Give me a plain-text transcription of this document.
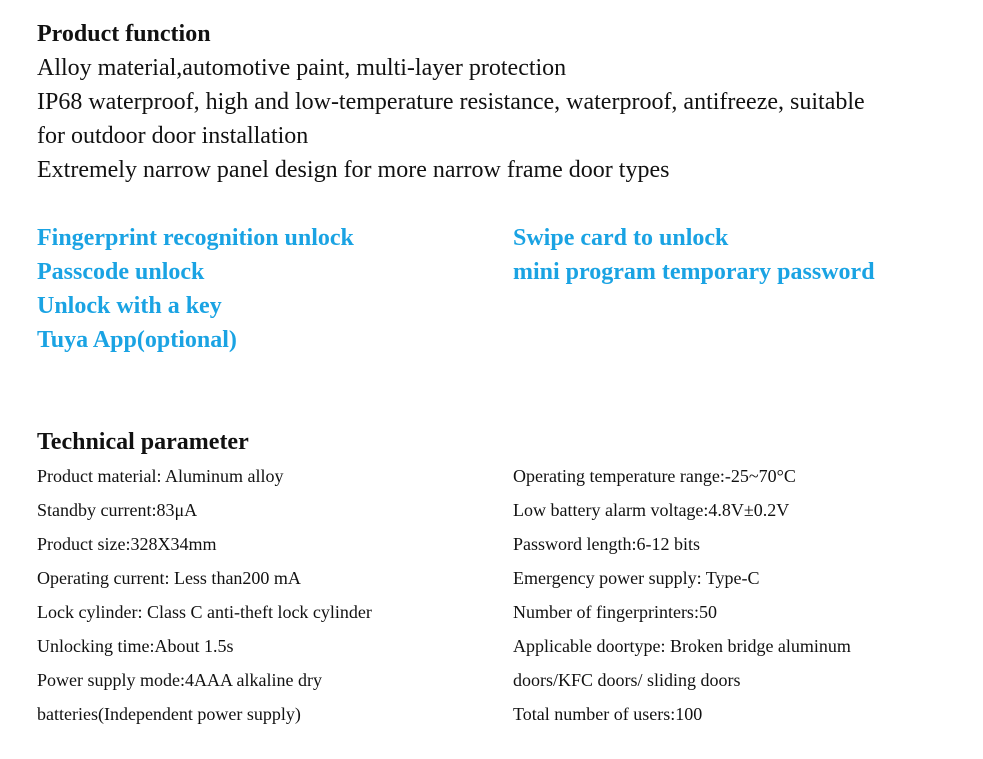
Product function
Alloy material,automotive paint, multi-layer protection
IP68 waterproof, high and low-temperature resistance, waterproof, antifreeze, suitable
for outdoor door installation
Extremely narrow panel design for more narrow frame door types
Fingerprint recognition unlock
Passcode unlock
Unlock with a key
Tuya App(optional)
Swipe card to unlock
mini program temporary password
Technical parameter
Product material: Aluminum alloy
Standby current:83μA
Product size:328X34mm
Operating current: Less than200 mA
Lock cylinder: Class C anti-theft lock cylinder
Unlocking time:About 1.5s
Power supply mode:4AAA alkaline dry
batteries(Independent power supply)
Operating temperature range:-25~70°C
Low battery alarm voltage:4.8V±0.2V
Password length:6-12 bits
Emergency power supply: Type-C
Number of fingerprinters:50
Applicable doortype: Broken bridge aluminum
doors/KFC doors/ sliding doors
Total number of users:100
